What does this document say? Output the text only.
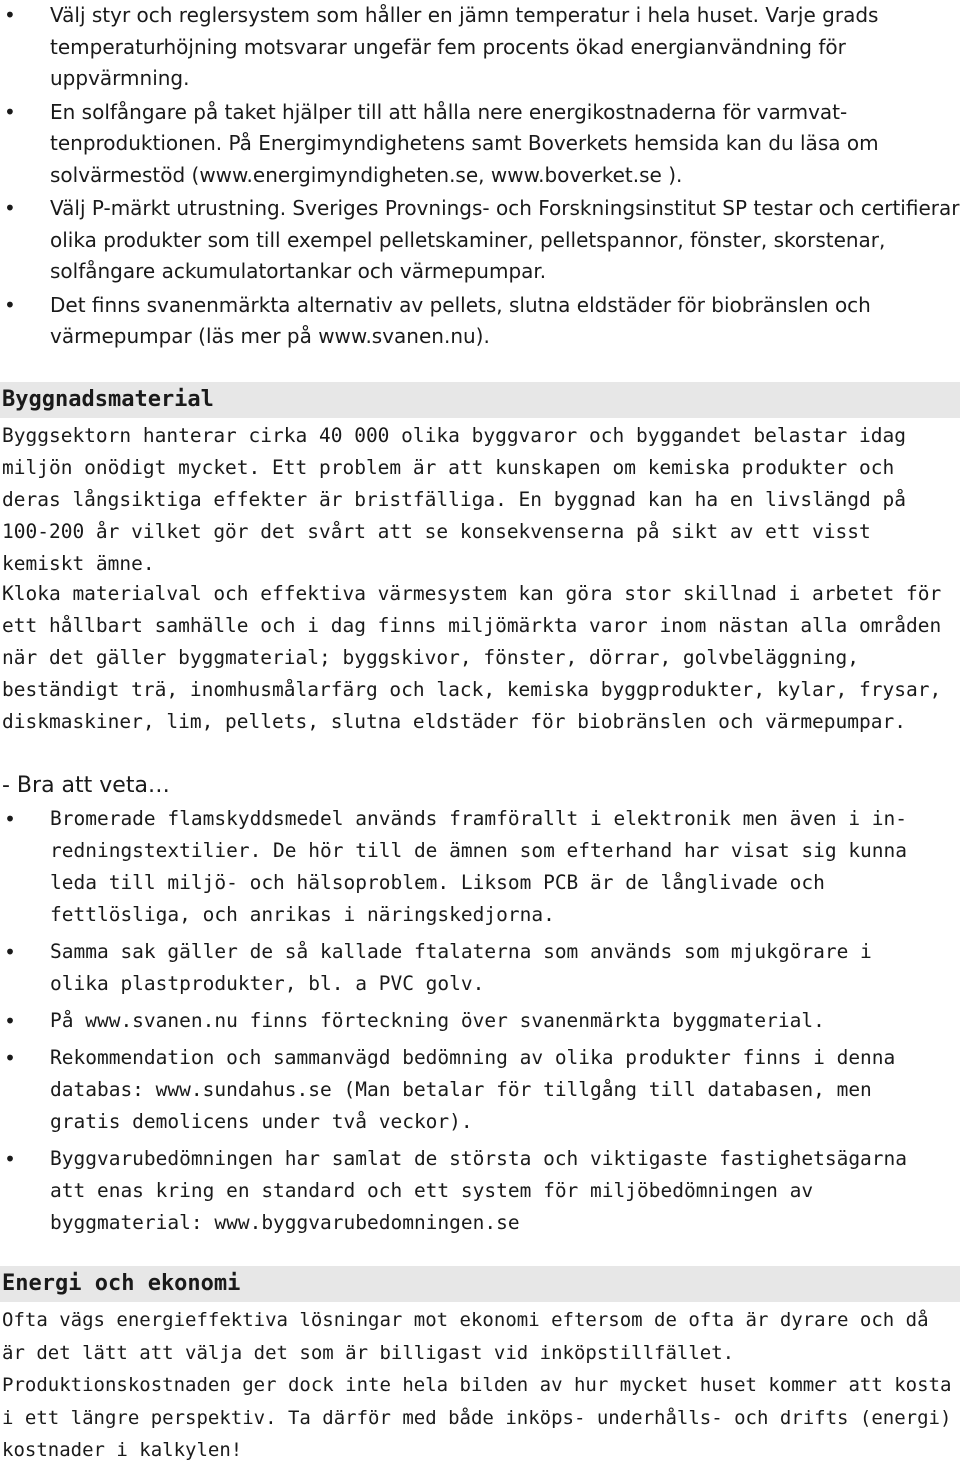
• Välj styr och reglersystem som håller en jämn temperatur i hela huset. Varje grads temperaturhöjning motsvarar ungefär fem procents ökad energianvändning för uppvärmning.
• En solfångare på taket hjälper till att hålla nere energikostnaderna för varmvattenproduktionen. På Energimyndighetens samt Boverkets hemsida kan du läsa om solvärmestöd (www.energimyndigheten.se, www.boverket.se ).
• Välj P-märkt utrustning. Sveriges Provnings- och Forskningsinstitut SP testar och certifierar olika produkter som till exempel pelletskaminer, pelletspannor, fönster, skorstenar, solfångare ackumulatortankar och värmepumpar.
• Det finns svanenmärkta alternativ av pellets, slutna eldstäder för biobränslen och värmepumpar (läs mer på www.svanen.nu).
Byggnadsmaterial

Byggsektorn hanterar cirka 40 000 olika byggvaror och byggandet belastar idag miljön onödigt mycket. Ett problem är att kunskapen om kemiska produkter och deras långsiktiga effekter är bristfälliga. En byggnad kan ha en livslängd på 100-200 år vilket gör det svårt att se konsekvenserna på sikt av ett visst kemiskt ämne.

Kloka materialval och effektiva värmesystem kan göra stor skillnad i arbetet för ett hållbart samhälle och i dag finns miljömärkta varor inom nästan alla områden när det gäller byggmaterial; byggskivor, fönster, dörrar, golvbeläggning, beständigt trä, inomhusmålarfärg och lack, kemiska byggprodukter, kylar, frysar, diskmaskiner, lim, pellets, slutna eldstäder för biobränslen och värmepumpar.

- Bra att veta…
• Bromerade flamskyddsmedel används framförallt i elektronik men även i inredningstextilier. De hör till de ämnen som efterhand har visat sig kunna leda till miljö- och hälsoproblem. Liksom PCB är de långlivade och fettlösliga, och anrikas i näringskedjorna.
• Samma sak gäller de så kallade ftalaterna som används som mjukgörare i olika plastprodukter, bl. a PVC golv.
• På www.svanen.nu finns förteckning över svanenmärkta byggmaterial.
• Rekommendation och sammanvägd bedömning av olika produkter finns i denna databas: www.sundahus.se (Man betalar för tillgång till databasen, men gratis demolicens under två veckor).
• Byggvarubedömningen har samlat de största och viktigaste fastighetsägarna att enas kring en standard och ett system för miljöbedömningen av byggmaterial: www.byggvarubedomningen.se
Energi och ekonomi

Ofta vägs energieffektiva lösningar mot ekonomi eftersom de ofta är dyrare och då är det lätt att välja det som är billigast vid inköpstillfället. Produktionskostnaden ger dock inte hela bilden av hur mycket huset kommer att kosta i ett längre perspektiv. Ta därför med både inköps- underhålls- och drifts (energi) kostnader i kalkylen!
